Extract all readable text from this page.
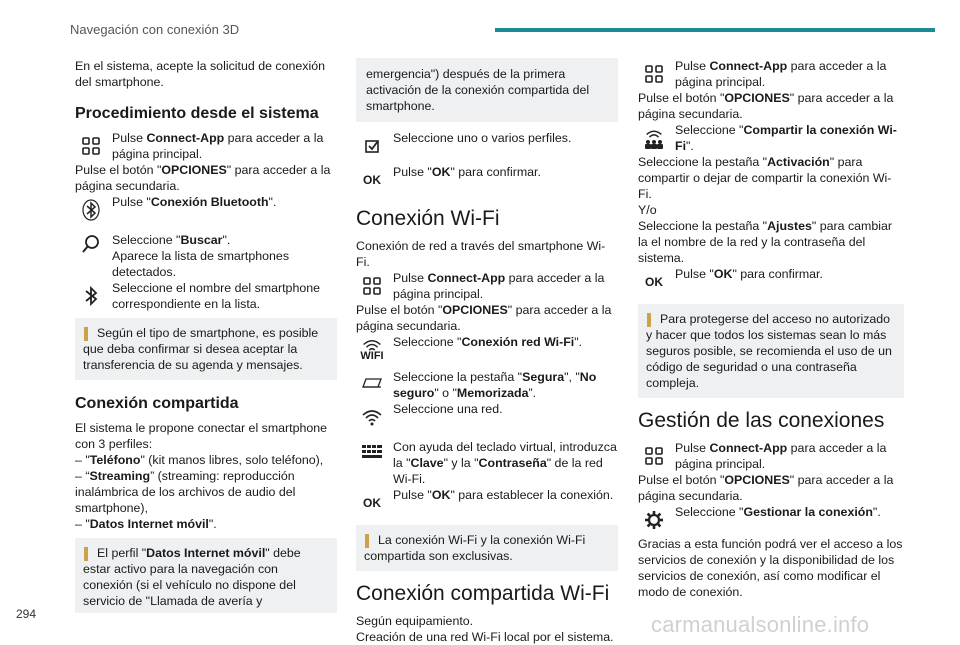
Navegación con conexión 3D

En el sistema, acepte la solicitud de conexión del smartphone.

Procedimiento desde el sistema

Pulse Connect-App para acceder a la página principal.

Pulse el botón "OPCIONES" para acceder a la página secundaria.

Pulse "Conexión Bluetooth".

Seleccione "Buscar".
Aparece la lista de smartphones detectados.

Seleccione el nombre del smartphone correspondiente en la lista.

Según el tipo de smartphone, es posible que deba confirmar si desea aceptar la transferencia de su agenda y mensajes.

Conexión compartida

El sistema le propone conectar el smartphone con 3 perfiles:

– "Teléfono" (kit manos libres, solo teléfono),

– “Streaming” (streaming: reproducción inalámbrica de los archivos de audio del smartphone),

– "Datos Internet móvil".

El perfil "Datos Internet móvil" debe estar activo para la navegación con conexión (si el vehículo no dispone del servicio de "Llamada de avería y

emergencia") después de la primera activación de la conexión compartida del smartphone.

Seleccione uno o varios perfiles.

OK

Pulse "OK" para confirmar.

Conexión Wi-Fi

Conexión de red a través del smartphone Wi-Fi.

Pulse Connect-App para acceder a la página principal.

Pulse el botón "OPCIONES" para acceder a la página secundaria.

WIFI

Seleccione "Conexión red Wi-Fi".

Seleccione la pestaña "Segura", "No seguro" o "Memorizada”.

Seleccione una red.

Con ayuda del teclado virtual, introduzca la "Clave" y la "Contraseña" de la red Wi-Fi.

OK

Pulse "OK" para establecer la conexión.

La conexión Wi-Fi y la conexión Wi-Fi compartida son exclusivas.

Conexión compartida Wi-Fi

Según equipamiento.

Creación de una red Wi-Fi local por el sistema.

Pulse Connect-App para acceder a la página principal.

Pulse el botón "OPCIONES" para acceder a la página secundaria.

Seleccione "Compartir la conexión Wi-Fi".

Seleccione la pestaña "Activación" para compartir o dejar de compartir la conexión Wi-Fi.

Y/o

Seleccione la pestaña "Ajustes" para cambiar la el nombre de la red y la contraseña del sistema.

OK

Pulse "OK" para confirmar.

Para protegerse del acceso no autorizado y hacer que todos los sistemas sean lo más seguros posible, se recomienda el uso de un código de seguridad o una contraseña compleja.

Gestión de las conexiones

Pulse Connect-App para acceder a la página principal.

Pulse el botón "OPCIONES" para acceder a la página secundaria.

Seleccione "Gestionar la conexión".

Gracias a esta función podrá ver el acceso a los servicios de conexión y la disponibilidad de los servicios de conexión, así como modificar el modo de conexión.

294	carmanualsonline.info
